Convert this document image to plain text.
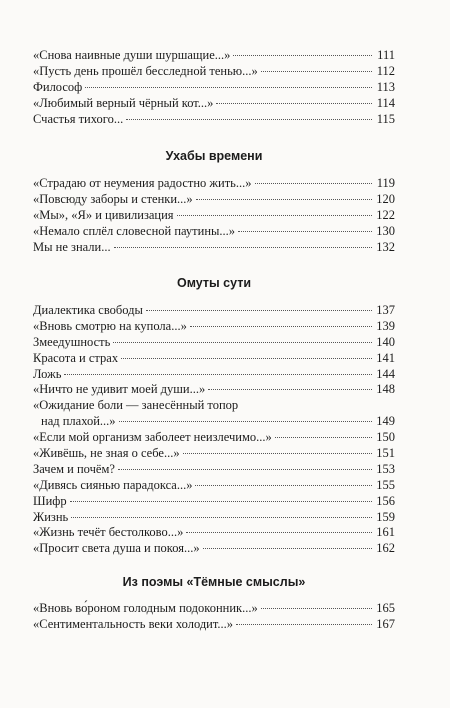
«Снова наивные души шуршащие...»	111
«Пусть день прошёл бесследной тенью...»	112
Философ	113
«Любимый верный чёрный кот...»	114
Счастья тихого...	115
Ухабы времени
«Страдаю от неумения радостно жить...»	119
«Повсюду заборы и стенки...»	120
«Мы», «Я» и цивилизация	122
«Немало сплёл словесной паутины...»	130
Мы не знали...	132
Омуты сути
Диалектика свободы	137
«Вновь смотрю на купола...»	139
Змеедушность	140
Красота и страх	141
Ложь	144
«Ничто не удивит моей души...»	148
«Ожидание боли — занесённый топор
над плахой...»	149
«Если мой организм заболеет неизлечимо...»	150
«Живёшь, не зная о себе...»	151
Зачем и почём?	153
«Дивясь сиянью парадокса...»	155
Шифр	156
Жизнь	159
«Жизнь течёт бестолково...»	161
«Просит света душа и покоя...»	162
Из поэмы «Тёмные смыслы»
«Вновь во́роном голодным подоконник...»	165
«Сентиментальность веки холодит...»	167
